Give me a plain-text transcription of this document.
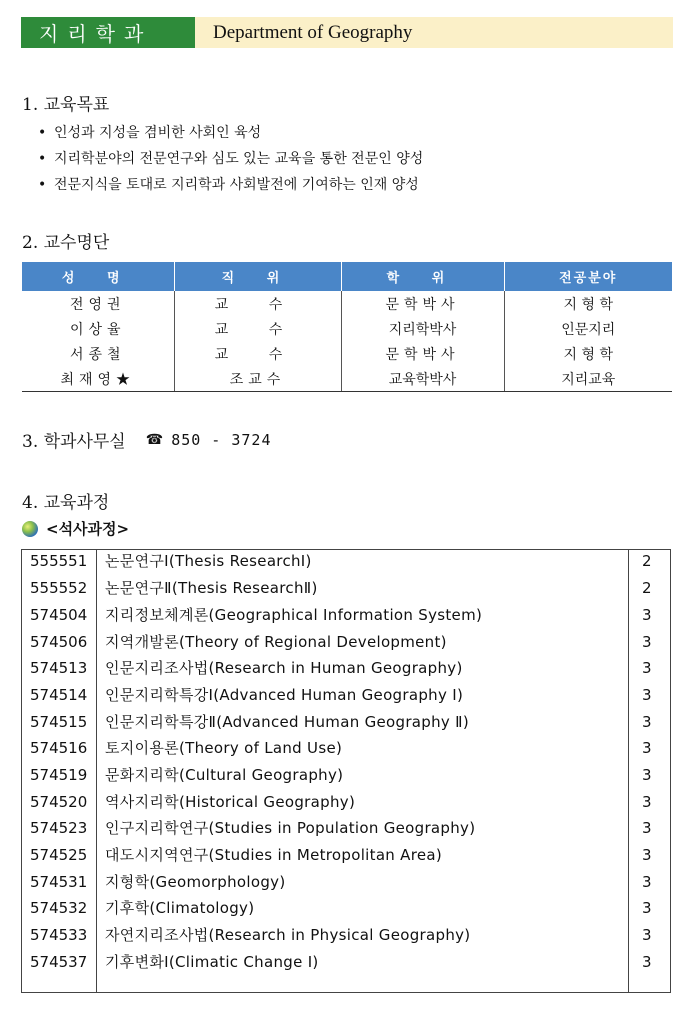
지리학과	Department of Geography
1. 교육목표
• 인성과 지성을 겸비한 사회인 육성
• 지리학분야의 전문연구와 심도 있는 교육을 통한 전문인 양성
• 전문지식을 토대로 지리학과 사회발전에 기여하는 인재 양성
2. 교수명단
성 명	직 위	학 위	전공분야
전영권	교 수	문학박사	지 형 학
이상율	교 수	지리학박사	인문지리
서종철	교 수	문학박사	지 형 학
최재영★	조교수	교육학박사	지리교육
3. 학과사무실 ☎ 850 - 3724
4. 교육과정
<석사과정>
555551 논문연구Ⅰ(Thesis ResearchⅠ)	2
555552 논문연구Ⅱ(Thesis ResearchⅡ)	2
574504 지리정보체계론(Geographical Information System)	3
574506 지역개발론(Theory of Regional Development)	3
574513 인문지리조사법(Research in Human Geography)	3
574514 인문지리학특강Ⅰ(Advanced Human Geography Ⅰ)	3
574515 인문지리학특강Ⅱ(Advanced Human Geography Ⅱ)	3
574516 토지이용론(Theory of Land Use)	3
574519 문화지리학(Cultural Geography)	3
574520 역사지리학(Historical Geography)	3
574523 인구지리학연구(Studies in Population Geography)	3
574525 대도시지역연구(Studies in Metropolitan Area)	3
574531 지형학(Geomorphology)	3
574532 기후학(Climatology)	3
574533 자연지리조사법(Research in Physical Geography)	3
574537 기후변화Ⅰ(Climatic Change Ⅰ)	3
